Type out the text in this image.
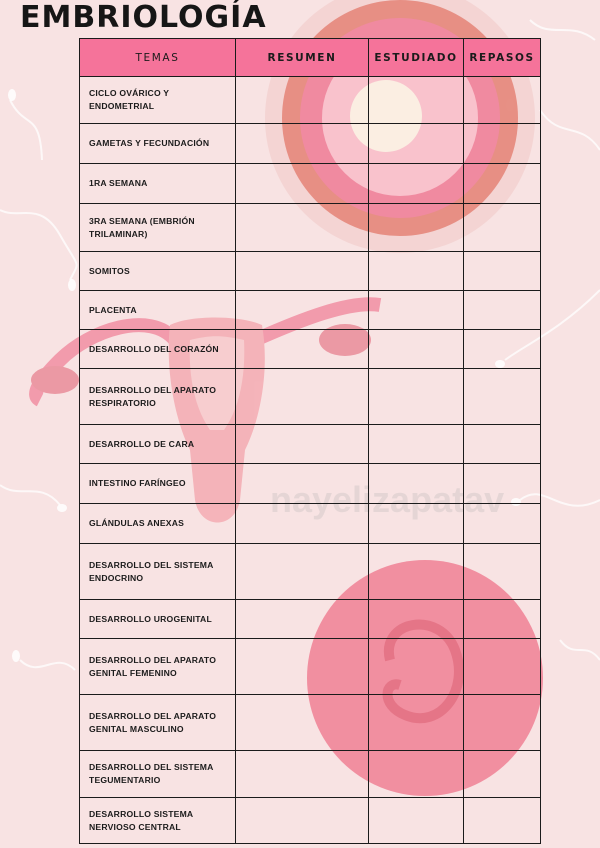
nayelizapatav
EMBRIOLOGÍA
TEMAS	RESUMEN	ESTUDIADO	REPASOS
CICLO OVÁRICO Y ENDOMETRIAL			
GAMETAS Y FECUNDACIÓN			
1RA SEMANA			
3RA SEMANA (EMBRIÓN TRILAMINAR)			
SOMITOS			
PLACENTA			
DESARROLLO DEL CORAZÓN			
DESARROLLO DEL APARATO RESPIRATORIO			
DESARROLLO DE CARA			
INTESTINO FARÍNGEO			
GLÁNDULAS ANEXAS			
DESARROLLO DEL SISTEMA ENDOCRINO			
DESARROLLO UROGENITAL			
DESARROLLO DEL APARATO GENITAL FEMENINO			
DESARROLLO DEL APARATO GENITAL MASCULINO			
DESARROLLO DEL SISTEMA TEGUMENTARIO			
DESARROLLO SISTEMA NERVIOSO CENTRAL			
